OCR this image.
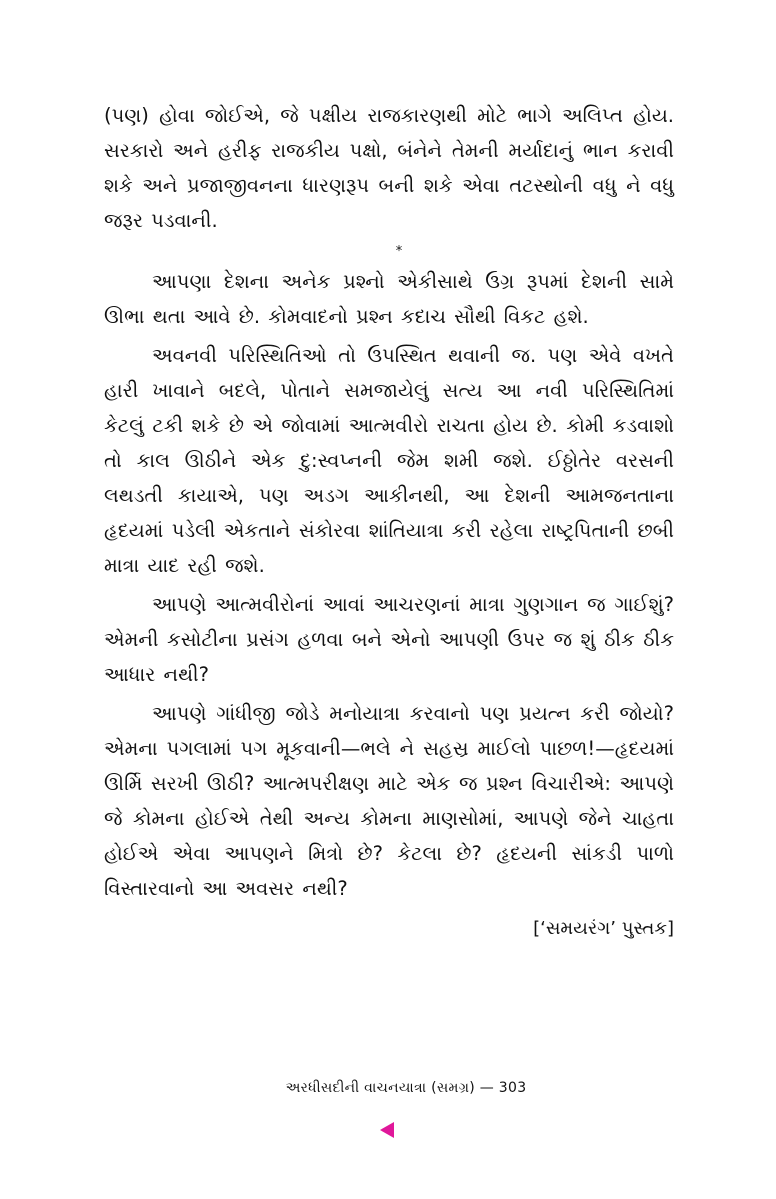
(પણ) હોવા જોઈએ, જે પક્ષીય રાજકારણથી મોટે ભાગે અલિપ્ત હોય. સરકારો અને હરીફ રાજકીય પક્ષો, બંનેને તેમની મર્યાદાનું ભાન કરાવી શકે અને પ્રજાજીવનના ધારણરૂપ બની શકે એવા તટસ્થોની વધુ ને વધુ જરૂર પડવાની.

*

આપણા દેશના અનેક પ્રશ્નો એકીસાથે ઉગ્ર રૂપમાં દેશની સામે ઊભા થતા આવે છે. કોમવાદનો પ્રશ્ન કદાચ સૌથી વિકટ હશે.

અવનવી પરિસ્થિતિઓ તો ઉપસ્થિત થવાની જ. પણ એવે વખતે હારી ખાવાને બદલે, પોતાને સમજાયેલું સત્ય આ નવી પરિસ્થિતિમાં કેટલું ટકી શકે છે એ જોવામાં આત્મવીરો રાચતા હોય છે. કોમી કડવાશો તો કાલ ઊઠીને એક દુ:સ્વપ્નની જેમ શમી જશે. ઈઠ્ઠોતેર વરસની લથડતી કાયાએ, પણ અડગ આકીનથી, આ દેશની આમજનતાના હૃદયમાં પડેલી એકતાને સંકોરવા શાંતિયાત્રા કરી રહેલા રાષ્ટ્રપિતાની છબી માત્રા યાદ રહી જશે.

આપણે આત્મવીરોનાં આવાં આચરણનાં માત્રા ગુણગાન જ ગાઈશું? એમની કસોટીના પ્રસંગ હળવા બને એનો આપણી ઉપર જ શું ઠીક ઠીક આધાર નથી?

આપણે ગાંધીજી જોડે મનોયાત્રા કરવાનો પણ પ્રયત્ન કરી જોયો? એમના પગલામાં પગ મૂકવાની—ભલે ને સહસ્ર માઈલો પાછળ!—હૃદયમાં ઊર્મિ સરખી ઊઠી? આત્મપરીક્ષણ માટે એક જ પ્રશ્ન વિચારીએ: આપણે જે કોમના હોઈએ તેથી અન્ય કોમના માણસોમાં, આપણે જેને ચાહતા હોઈએ એવા આપણને મિત્રો છે? કેટલા છે? હૃદયની સાંકડી પાળો વિસ્તારવાનો આ અવસર નથી?

[‘સમયરંગ’ પુસ્તક]
અરધીસદીની વાચનયાત્રા (સમગ્ર) — 303
